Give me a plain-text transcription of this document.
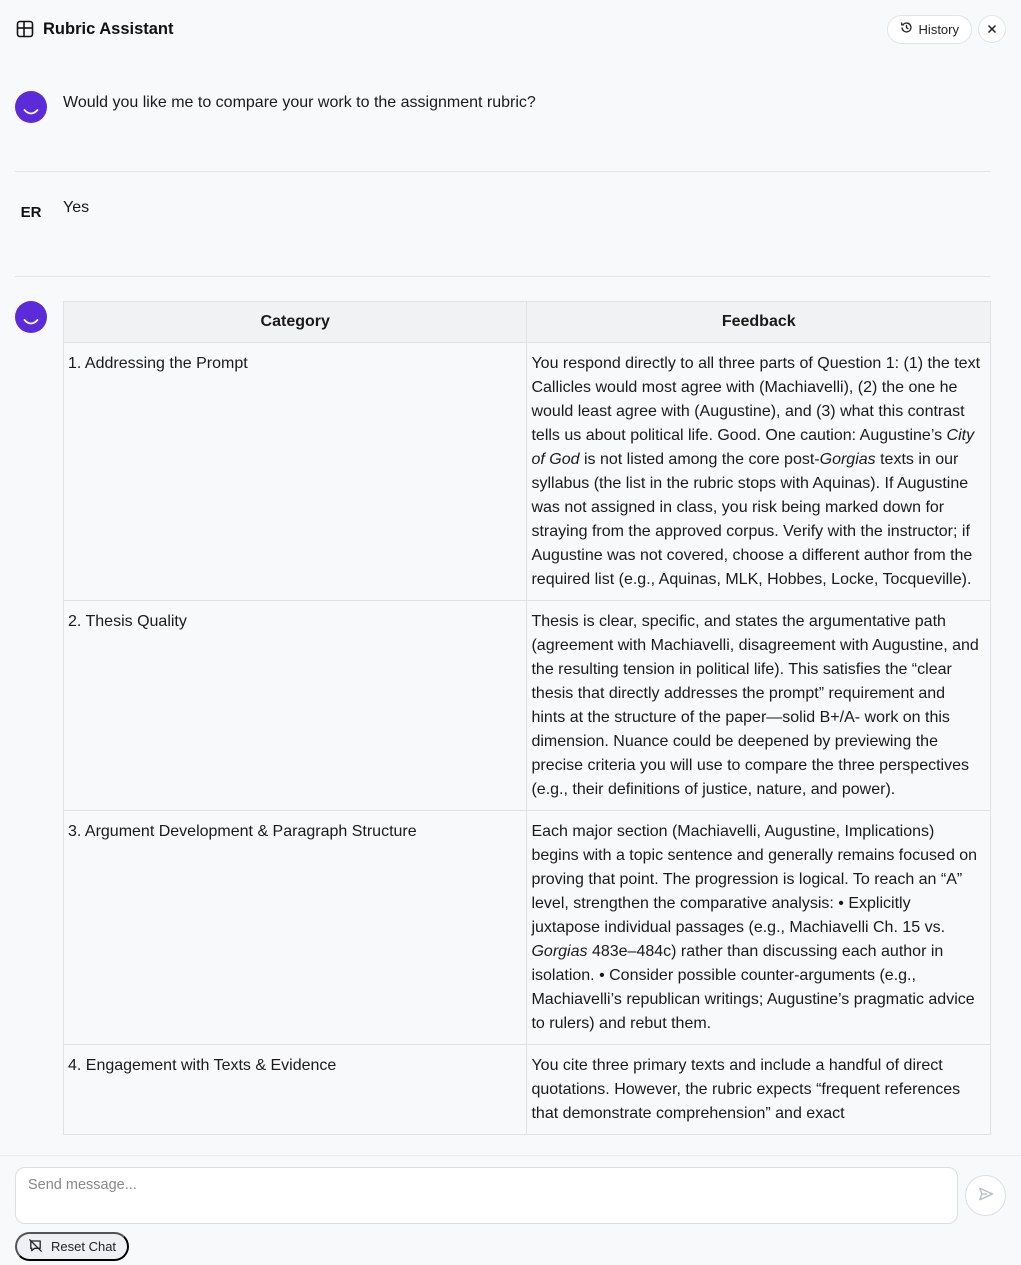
Rubric Assistant	History
Would you like me to compare your work to the assignment rubric?
ER	Yes
Category	Feedback
1. Addressing the Prompt	You respond directly to all three parts of Question 1: (1) the text Callicles would most agree with (Machiavelli), (2) the one he would least agree with (Augustine), and (3) what this contrast tells us about political life. Good. One caution: Augustine’s City of God is not listed among the core post-Gorgias texts in our syllabus (the list in the rubric stops with Aquinas). If Augustine was not assigned in class, you risk being marked down for straying from the approved corpus. Verify with the instructor; if Augustine was not covered, choose a different author from the required list (e.g., Aquinas, MLK, Hobbes, Locke, Tocqueville).
2. Thesis Quality	Thesis is clear, specific, and states the argumentative path (agreement with Machiavelli, disagreement with Augustine, and the resulting tension in political life). This satisfies the “clear thesis that directly addresses the prompt” requirement and hints at the structure of the paper—solid B+/A- work on this dimension. Nuance could be deepened by previewing the precise criteria you will use to compare the three perspectives (e.g., their definitions of justice, nature, and power).
3. Argument Development & Paragraph Structure	Each major section (Machiavelli, Augustine, Implications) begins with a topic sentence and generally remains focused on proving that point. The progression is logical. To reach an “A” level, strengthen the comparative analysis: • Explicitly juxtapose individual passages (e.g., Machiavelli Ch. 15 vs. Gorgias 483e–484c) rather than discussing each author in isolation. • Consider possible counter-arguments (e.g., Machiavelli’s republican writings; Augustine’s pragmatic advice to rulers) and rebut them.
4. Engagement with Texts & Evidence	You cite three primary texts and include a handful of direct quotations. However, the rubric expects “frequent references that demonstrate comprehension” and exact
Send message...
Reset Chat
